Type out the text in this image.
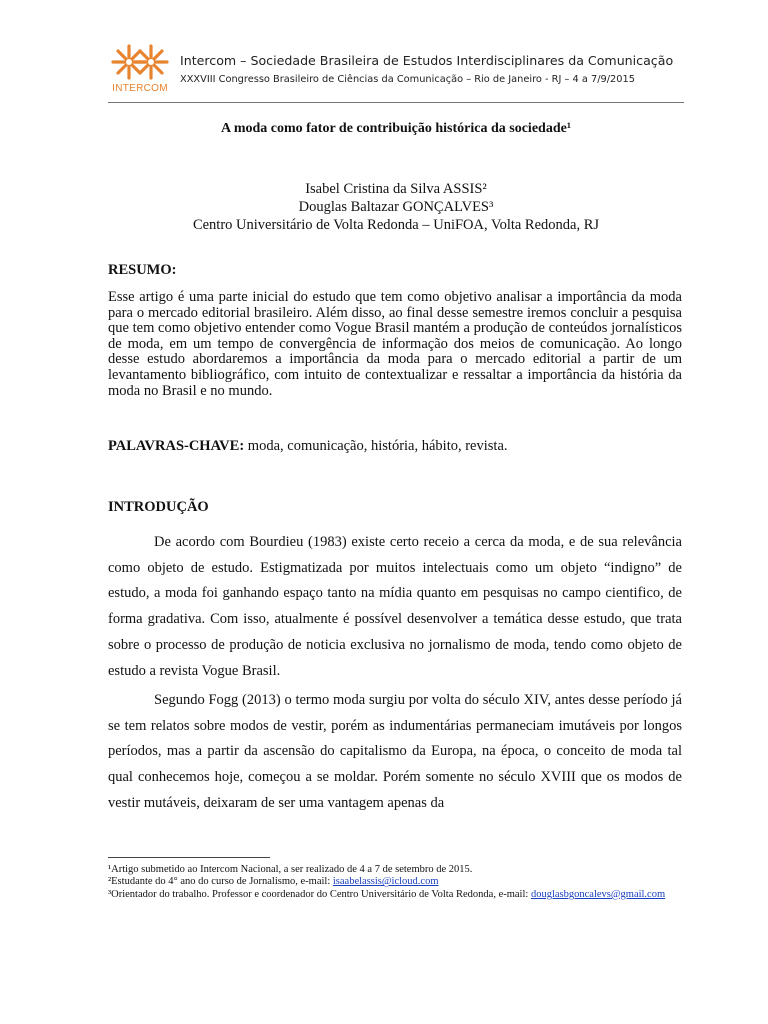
INTERCOM
Intercom – Sociedade Brasileira de Estudos Interdisciplinares da Comunicação
XXXVIII Congresso Brasileiro de Ciências da Comunicação – Rio de Janeiro - RJ – 4 a 7/9/2015
A moda como fator de contribuição histórica da sociedade¹
Isabel Cristina da Silva ASSIS²
Douglas Baltazar GONÇALVES³
Centro Universitário de Volta Redonda – UniFOA, Volta Redonda, RJ
RESUMO:

Esse artigo é uma parte inicial do estudo que tem como objetivo analisar a importância da moda para o mercado editorial brasileiro. Além disso, ao final desse semestre iremos concluir a pesquisa que tem como objetivo entender como Vogue Brasil mantém a produção de conteúdos jornalísticos de moda, em um tempo de convergência de informação dos meios de comunicação. Ao longo desse estudo abordaremos a importância da moda para o mercado editorial a partir de um levantamento bibliográfico, com intuito de contextualizar e ressaltar a importância da história da moda no Brasil e no mundo.

PALAVRAS-CHAVE: moda, comunicação, história, hábito, revista.

INTRODUÇÃO

De acordo com Bourdieu (1983) existe certo receio a cerca da moda, e de sua relevância como objeto de estudo. Estigmatizada por muitos intelectuais como um objeto “indigno” de estudo, a moda foi ganhando espaço tanto na mídia quanto em pesquisas no campo cientifico, de forma gradativa. Com isso, atualmente é possível desenvolver a temática desse estudo, que trata sobre o processo de produção de noticia exclusiva no jornalismo de moda, tendo como objeto de estudo a revista Vogue Brasil.

Segundo Fogg (2013) o termo moda surgiu por volta do século XIV, antes desse período já se tem relatos sobre modos de vestir, porém as indumentárias permaneciam imutáveis por longos períodos, mas a partir da ascensão do capitalismo da Europa, na época, o conceito de moda tal qual conhecemos hoje, começou a se moldar. Porém somente no século XVIII que os modos de vestir mutáveis, deixaram de ser uma vantagem apenas da

¹Artigo submetido ao Intercom Nacional, a ser realizado de 4 a 7 de setembro de 2015.

²Estudante do 4° ano do curso de Jornalismo, e-mail: isaabelassis@icloud.com

³Orientador do trabalho. Professor e coordenador do Centro Universitário de Volta Redonda, e-mail: douglasbgoncalevs@gmail.com
